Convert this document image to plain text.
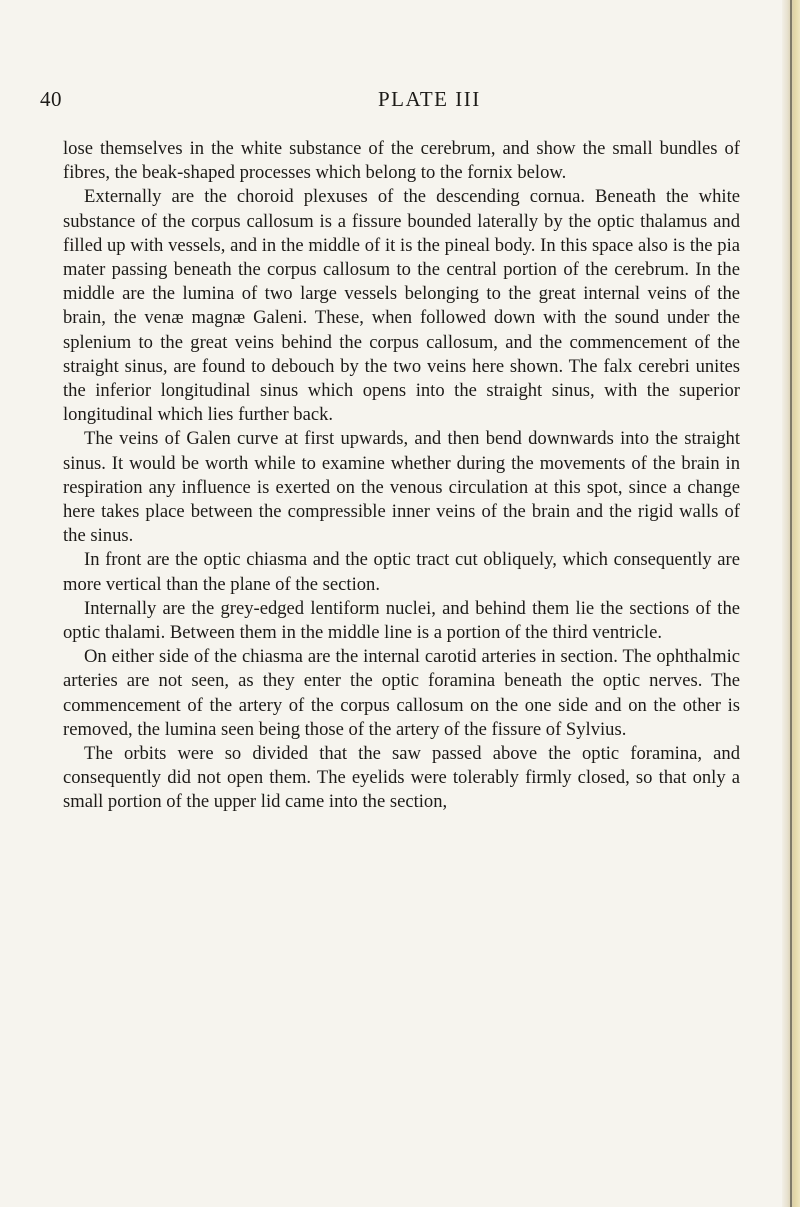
40	PLATE III

lose themselves in the white substance of the cerebrum, and show the small bundles of fibres, the beak-shaped processes which belong to the fornix below.

Externally are the choroid plexuses of the descending cornua. Beneath the white substance of the corpus callosum is a fissure bounded laterally by the optic thalamus and filled up with vessels, and in the middle of it is the pineal body. In this space also is the pia mater passing beneath the corpus callosum to the central portion of the cerebrum. In the middle are the lumina of two large vessels belonging to the great internal veins of the brain, the venæ magnæ Galeni. These, when followed down with the sound under the splenium to the great veins behind the corpus callosum, and the commencement of the straight sinus, are found to debouch by the two veins here shown. The falx cerebri unites the inferior longitudinal sinus which opens into the straight sinus, with the superior longitudinal which lies further back.

The veins of Galen curve at first upwards, and then bend downwards into the straight sinus. It would be worth while to examine whether during the movements of the brain in respiration any influence is exerted on the venous circulation at this spot, since a change here takes place between the compressible inner veins of the brain and the rigid walls of the sinus.

In front are the optic chiasma and the optic tract cut obliquely, which consequently are more vertical than the plane of the section.

Internally are the grey-edged lentiform nuclei, and behind them lie the sections of the optic thalami. Between them in the middle line is a portion of the third ventricle.

On either side of the chiasma are the internal carotid arteries in section. The ophthalmic arteries are not seen, as they enter the optic foramina beneath the optic nerves. The commencement of the artery of the corpus callosum on the one side and on the other is removed, the lumina seen being those of the artery of the fissure of Sylvius.

The orbits were so divided that the saw passed above the optic foramina, and consequently did not open them. The eyelids were tolerably firmly closed, so that only a small portion of the upper lid came into the section,
